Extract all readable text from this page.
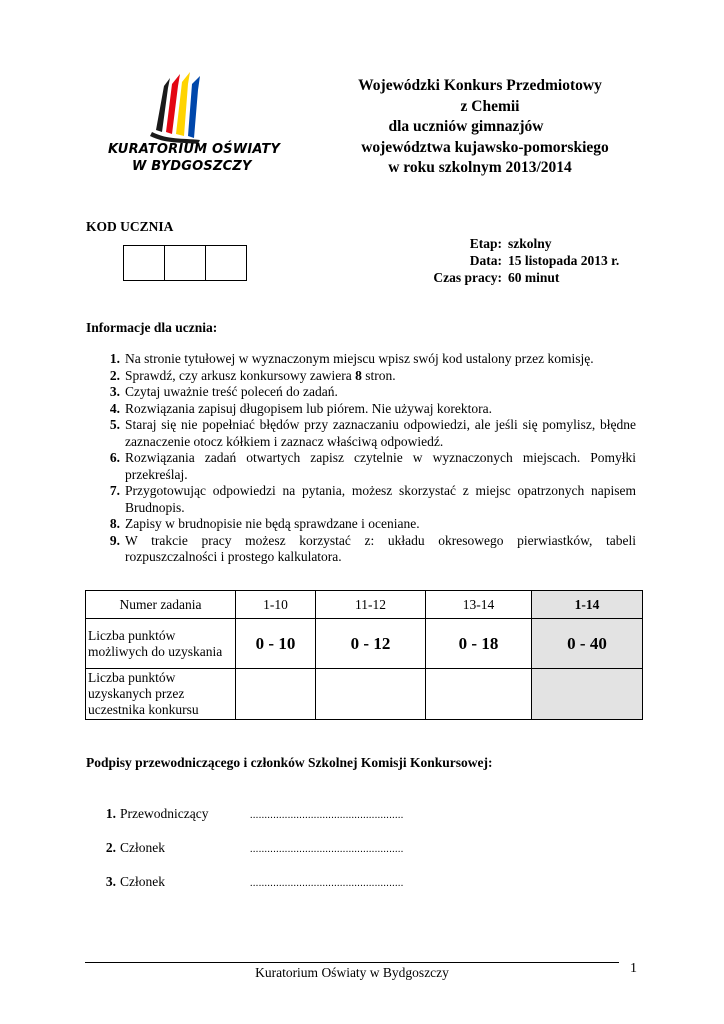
KURATORIUM OŚWIATY
W BYDGOSZCZY
Wojewódzki Konkurs Przedmiotowy
z Chemii
dla uczniów gimnazjów
województwa kujawsko-pomorskiego
w roku szkolnym 2013/2014
KOD UCZNIA
Etap: szkolny
Data: 15 listopada 2013 r.
Czas pracy: 60 minut
Informacje dla ucznia:
1. Na stronie tytułowej w wyznaczonym miejscu wpisz swój kod ustalony przez komisję.
2. Sprawdź, czy arkusz konkursowy zawiera 8 stron.
3. Czytaj uważnie treść poleceń do zadań.
4. Rozwiązania zapisuj długopisem lub piórem. Nie używaj korektora.
5. Staraj się nie popełniać błędów przy zaznaczaniu odpowiedzi, ale jeśli się pomylisz, błędne zaznaczenie otocz kółkiem i zaznacz właściwą odpowiedź.
6. Rozwiązania zadań otwartych zapisz czytelnie w wyznaczonych miejscach. Pomyłki przekreślaj.
7. Przygotowując odpowiedzi na pytania, możesz skorzystać z miejsc opatrzonych napisem Brudnopis.
8. Zapisy w brudnopisie nie będą sprawdzane i oceniane.
9. W trakcie pracy możesz korzystać z: układu okresowego pierwiastków, tabeli rozpuszczalności i prostego kalkulatora.
Numer zadania	1-10	11-12	13-14	1-14
Liczba punktów możliwych do uzyskania	0 - 10	0 - 12	0 - 18	0 - 40
Liczba punktów uzyskanych przez uczestnika konkursu				
Podpisy przewodniczącego i członków Szkolnej Komisji Konkursowej:
1. Przewodniczący	.....................................................
2. Członek	.....................................................
3. Członek	.....................................................
Kuratorium Oświaty w Bydgoszczy	1
